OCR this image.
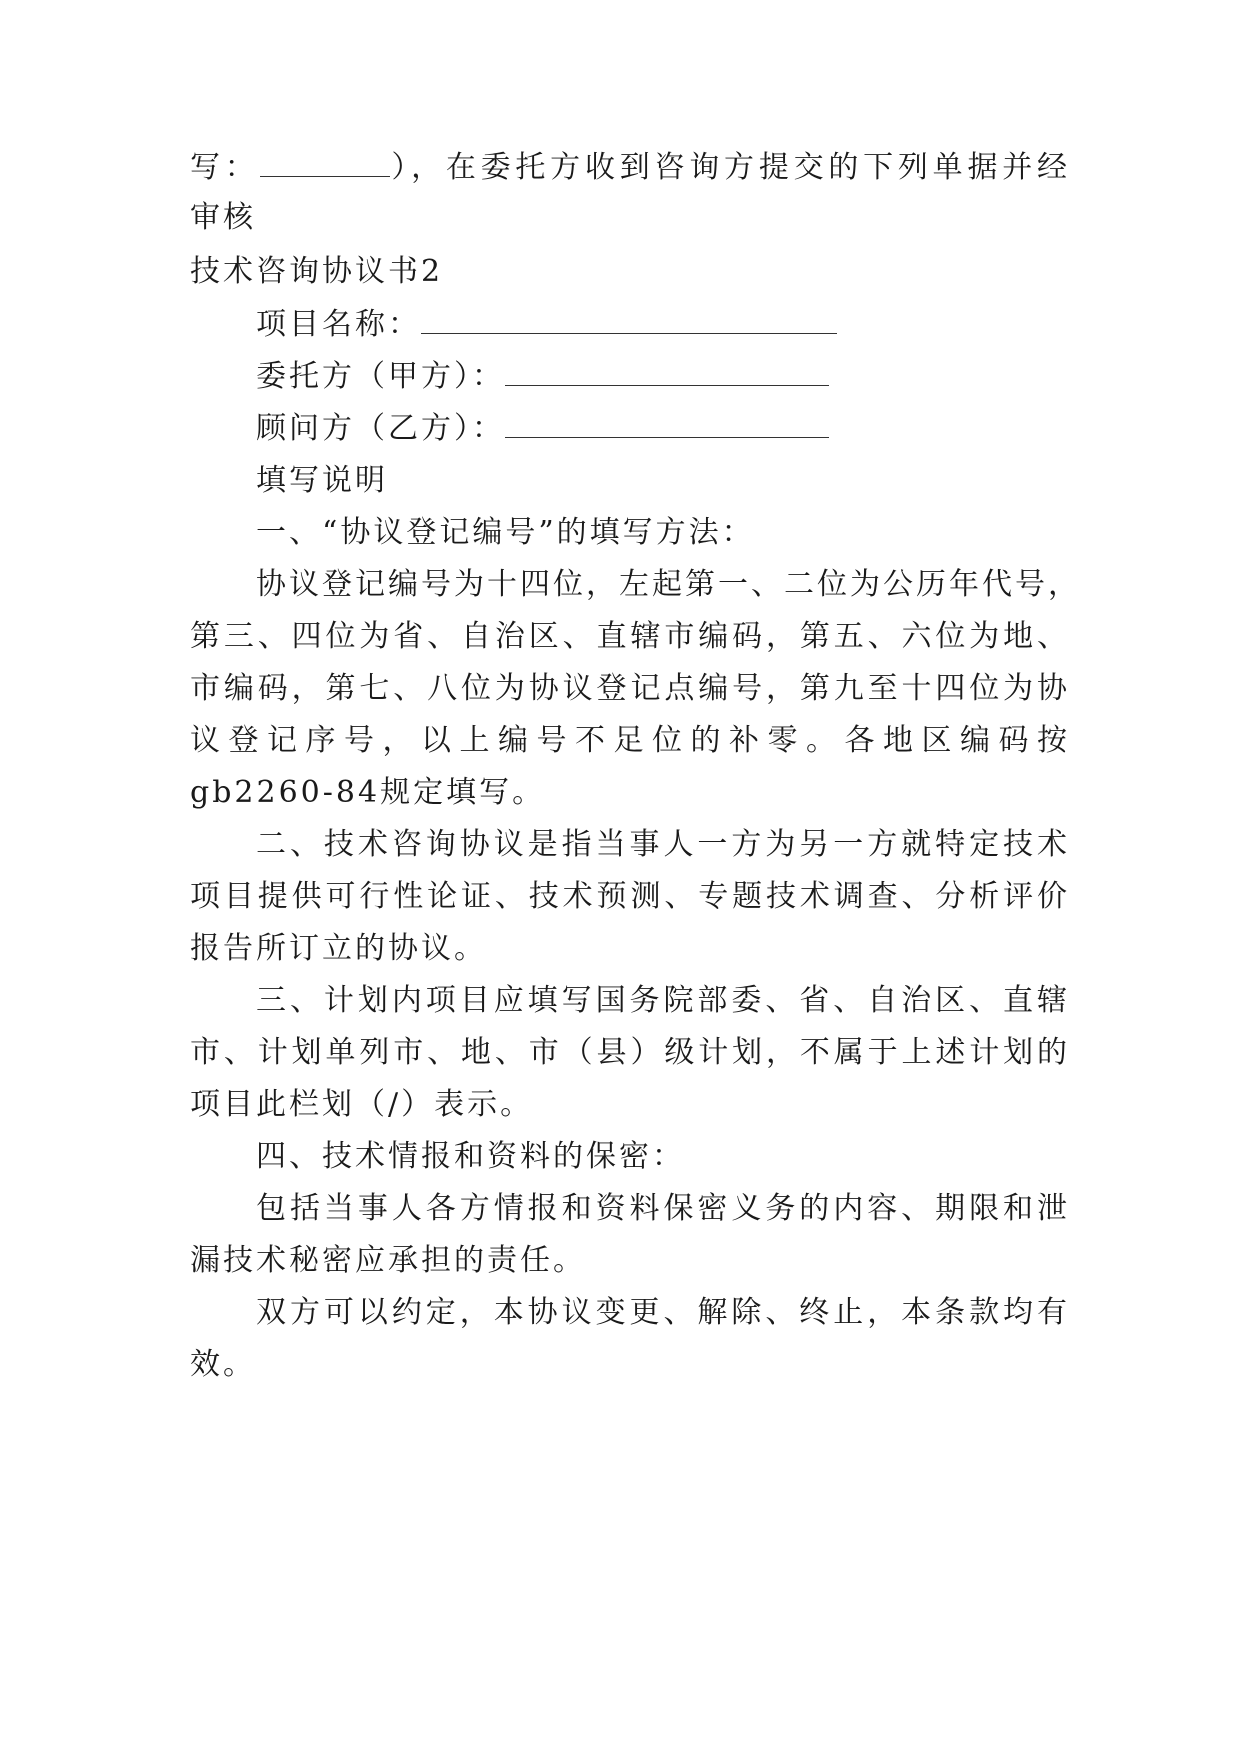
写：	），在委托方收到咨询方提交的下列单据并经
审核
技术咨询协议书2
项目名称：
委托方（甲方）：
顾问方（乙方）：
填写说明
一、“协议登记编号”的填写方法：
协议登记编号为十四位，左起第一、二位为公历年代号，
第三、四位为省、自治区、直辖市编码，第五、六位为地、
市编码，第七、八位为协议登记点编号，第九至十四位为协
议登记序号，以上编号不足位的补零。各地区编码按
gb2260-84规定填写。
二、技术咨询协议是指当事人一方为另一方就特定技术
项目提供可行性论证、技术预测、专题技术调查、分析评价
报告所订立的协议。
三、计划内项目应填写国务院部委、省、自治区、直辖
市、计划单列市、地、市（县）级计划，不属于上述计划的
项目此栏划（/）表示。
四、技术情报和资料的保密：
包括当事人各方情报和资料保密义务的内容、期限和泄
漏技术秘密应承担的责任。
双方可以约定，本协议变更、解除、终止，本条款均有
效。
